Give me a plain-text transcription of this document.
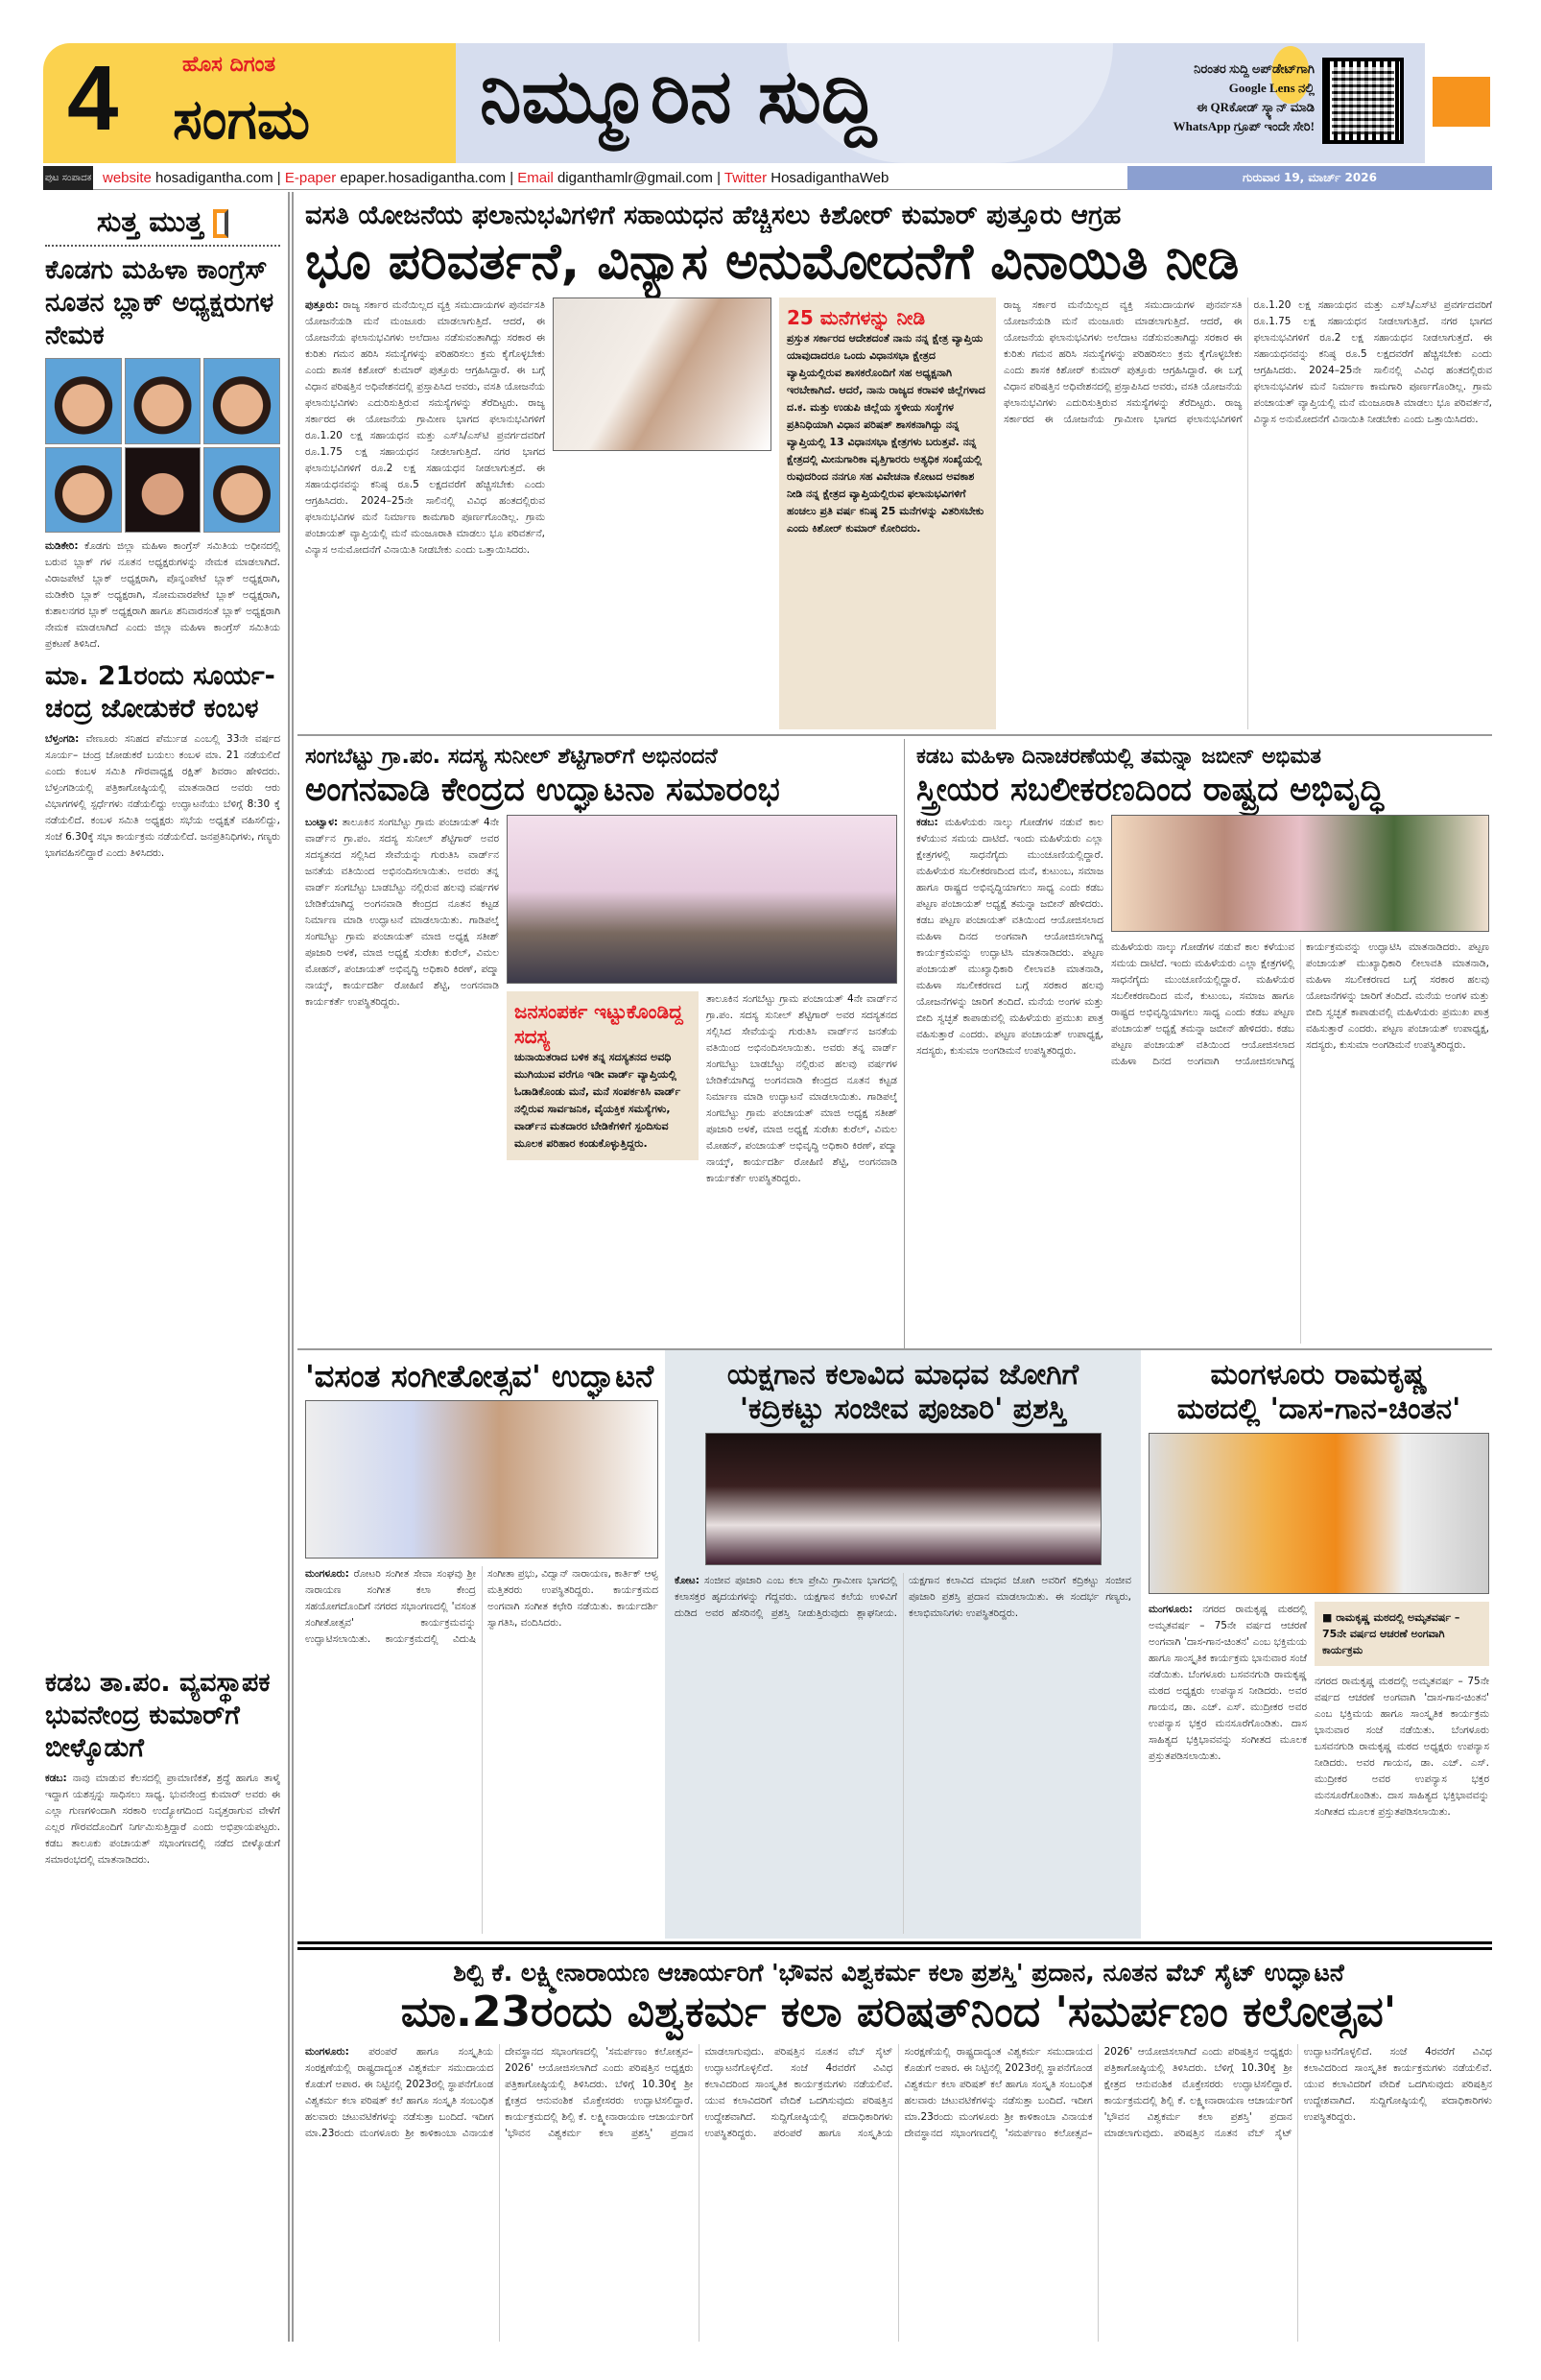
4	ಹೊಸ ದಿಗಂತ
ಸಂಗಮ ನಿಮ್ಮೂರಿನ ಸುದ್ದಿ	ನಿರಂತರ ಸುದ್ದಿ ಅಪ್‌ಡೇಟ್‌ಗಾಗಿ
Google Lens ನಲ್ಲಿ
ಈ QRಕೋಡ್ ಸ್ಕ್ಯಾನ್ ಮಾಡಿ
WhatsApp ಗ್ರೂಪ್ ಇಂದೇ ಸೇರಿ!
ಪುಟ ಸಂಪಾದಕ website hosadigantha.com | E-paper epaper.hosadigantha.com | Email diganthamlr@gmail.com | Twitter HosadiganthaWeb	ಗುರುವಾರ 19, ಮಾರ್ಚ್ 2026
ಸುತ್ತ ಮುತ್ತ
ಕೊಡಗು ಮಹಿಳಾ ಕಾಂಗ್ರೆಸ್ ನೂತನ ಬ್ಲಾಕ್ ಅಧ್ಯಕ್ಷರುಗಳ ನೇಮಕ
ಮಡಿಕೇರಿ: ಕೊಡಗು ಜಿಲ್ಲಾ ಮಹಿಳಾ ಕಾಂಗ್ರೆಸ್ ಸಮಿತಿಯ ಅಧೀನದಲ್ಲಿ ಬರುವ ಬ್ಲಾಕ್ ಗಳ ನೂತನ ಅಧ್ಯಕ್ಷರುಗಳನ್ನು ನೇಮಕ ಮಾಡಲಾಗಿದೆ. ವಿರಾಜಪೇಟೆ ಬ್ಲಾಕ್ ಅಧ್ಯಕ್ಷರಾಗಿ, ಪೊನ್ನಂಪೇಟೆ ಬ್ಲಾಕ್ ಅಧ್ಯಕ್ಷರಾಗಿ, ಮಡಿಕೇರಿ ಬ್ಲಾಕ್ ಅಧ್ಯಕ್ಷರಾಗಿ, ಸೋಮವಾರಪೇಟೆ ಬ್ಲಾಕ್ ಅಧ್ಯಕ್ಷರಾಗಿ, ಕುಶಾಲನಗರ ಬ್ಲಾಕ್ ಅಧ್ಯಕ್ಷರಾಗಿ ಹಾಗೂ ಶನಿವಾರಸಂತೆ ಬ್ಲಾಕ್ ಅಧ್ಯಕ್ಷರಾಗಿ ನೇಮಕ ಮಾಡಲಾಗಿದೆ ಎಂದು ಜಿಲ್ಲಾ ಮಹಿಳಾ ಕಾಂಗ್ರೆಸ್ ಸಮಿತಿಯ ಪ್ರಕಟಣೆ ತಿಳಿಸಿದೆ.
ಮಾ. 21ರಂದು ಸೂರ್ಯ- ಚಂದ್ರ ಜೋಡುಕರೆ ಕಂಬಳ
ಬೆಳ್ತಂಗಡಿ: ವೇಣೂರು ಸನಿಹದ ಪೆರ್ಮುಡ ಎಂಬಲ್ಲಿ 33ನೇ ವರ್ಷದ ಸೂರ್ಯ– ಚಂದ್ರ ಜೋಡುಕರೆ ಬಯಲು ಕಂಬಳ ಮಾ. 21 ನಡೆಯಲಿದೆ ಎಂದು ಕಂಬಳ ಸಮಿತಿ ಗೌರವಾಧ್ಯಕ್ಷ ರಕ್ಷಿತ್ ಶಿವರಾಂ ಹೇಳಿದರು. ಬೆಳ್ತಂಗಡಿಯಲ್ಲಿ ಪತ್ರಿಕಾಗೋಷ್ಠಿಯಲ್ಲಿ ಮಾತನಾಡಿದ ಅವರು ಆರು ವಿಭಾಗಗಳಲ್ಲಿ ಸ್ಪರ್ಧೆಗಳು ನಡೆಯಲಿದ್ದು ಉದ್ಘಾಟನೆಯು ಬೆಳಿಗ್ಗೆ 8:30 ಕ್ಕೆ ನಡೆಯಲಿದೆ. ಕಂಬಳ ಸಮಿತಿ ಅಧ್ಯಕ್ಷರು ಸಭೆಯ ಅಧ್ಯಕ್ಷತೆ ವಹಿಸಲಿದ್ದು, ಸಂಜೆ 6.30ಕ್ಕೆ ಸಭಾ ಕಾರ್ಯಕ್ರಮ ನಡೆಯಲಿದೆ. ಜನಪ್ರತಿನಿಧಿಗಳು, ಗಣ್ಯರು ಭಾಗವಹಿಸಲಿದ್ದಾರೆ ಎಂದು ತಿಳಿಸಿದರು.
ಕಡಬ ತಾ.ಪಂ. ವ್ಯವಸ್ಥಾಪಕ ಭುವನೇಂದ್ರ ಕುಮಾರ್‌ಗೆ ಬೀಳ್ಕೊಡುಗೆ
ಕಡಬ: ನಾವು ಮಾಡುವ ಕೆಲಸದಲ್ಲಿ ಪ್ರಾಮಾಣಿಕತೆ, ಶ್ರದ್ಧೆ ಹಾಗೂ ತಾಳ್ಮೆ ಇದ್ದಾಗ ಯಶಸ್ಸನ್ನು ಸಾಧಿಸಲು ಸಾಧ್ಯ. ಭುವನೇಂದ್ರ ಕುಮಾರ್ ಅವರು ಈ ಎಲ್ಲಾ ಗುಣಗಳಿಂದಾಗಿ ಸರಕಾರಿ ಉದ್ಯೋಗದಿಂದ ನಿವೃತ್ತರಾಗುವ ವೇಳೆಗೆ ಎಲ್ಲರ ಗೌರವದೊಂದಿಗೆ ನಿರ್ಗಮಿಸುತ್ತಿದ್ದಾರೆ ಎಂದು ಅಭಿಪ್ರಾಯಪಟ್ಟರು. ಕಡಬ ತಾಲೂಕು ಪಂಚಾಯತ್ ಸಭಾಂಗಣದಲ್ಲಿ ನಡೆದ ಬೀಳ್ಕೊಡುಗೆ ಸಮಾರಂಭದಲ್ಲಿ ಮಾತನಾಡಿದರು.
ವಸತಿ ಯೋಜನೆಯ ಫಲಾನುಭವಿಗಳಿಗೆ ಸಹಾಯಧನ ಹೆಚ್ಚಿಸಲು ಕಿಶೋರ್ ಕುಮಾರ್ ಪುತ್ತೂರು ಆಗ್ರಹ
ಭೂ ಪರಿವರ್ತನೆ, ವಿನ್ಯಾಸ ಅನುಮೋದನೆಗೆ ವಿನಾಯಿತಿ ನೀಡಿ
ಪುತ್ತೂರು: ರಾಜ್ಯ ಸರ್ಕಾರ ಮನೆಯಿಲ್ಲದ ವ್ಯಕ್ತಿ ಸಮುದಾಯಗಳ ಪುನರ್ವಸತಿ ಯೋಜನೆಯಡಿ ಮನೆ ಮಂಜೂರು ಮಾಡಲಾಗುತ್ತಿದೆ. ಆದರೆ, ಈ ಯೋಜನೆಯ ಫಲಾನುಭವಿಗಳು ಅಲೆದಾಟ ನಡೆಸುವಂತಾಗಿದ್ದು ಸರಕಾರ ಈ ಕುರಿತು ಗಮನ ಹರಿಸಿ ಸಮಸ್ಯೆಗಳನ್ನು ಪರಿಹರಿಸಲು ಕ್ರಮ ಕೈಗೊಳ್ಳಬೇಕು ಎಂದು ಶಾಸಕ ಕಿಶೋರ್ ಕುಮಾರ್ ಪುತ್ತೂರು ಆಗ್ರಹಿಸಿದ್ದಾರೆ. ಈ ಬಗ್ಗೆ ವಿಧಾನ ಪರಿಷತ್ತಿನ ಅಧಿವೇಶನದಲ್ಲಿ ಪ್ರಸ್ತಾಪಿಸಿದ ಅವರು, ವಸತಿ ಯೋಜನೆಯ ಫಲಾನುಭವಿಗಳು ಎದುರಿಸುತ್ತಿರುವ ಸಮಸ್ಯೆಗಳನ್ನು ತೆರೆದಿಟ್ಟರು. ರಾಜ್ಯ ಸರ್ಕಾರದ ಈ ಯೋಜನೆಯ ಗ್ರಾಮೀಣ ಭಾಗದ ಫಲಾನುಭವಿಗಳಿಗೆ ರೂ.1.20 ಲಕ್ಷ ಸಹಾಯಧನ ಮತ್ತು ಎಸ್‌ಸಿ/ಎಸ್‌ಟಿ ಪ್ರವರ್ಗದವರಿಗೆ ರೂ.1.75 ಲಕ್ಷ ಸಹಾಯಧನ ನೀಡಲಾಗುತ್ತಿದೆ. ನಗರ ಭಾಗದ ಫಲಾನುಭವಿಗಳಿಗೆ ರೂ.2 ಲಕ್ಷ ಸಹಾಯಧನ ನೀಡಲಾಗುತ್ತದೆ. ಈ ಸಹಾಯಧನವನ್ನು ಕನಿಷ್ಠ ರೂ.5 ಲಕ್ಷದವರೆಗೆ ಹೆಚ್ಚಿಸಬೇಕು ಎಂದು ಆಗ್ರಹಿಸಿದರು. 2024–25ನೇ ಸಾಲಿನಲ್ಲಿ ವಿವಿಧ ಹಂತದಲ್ಲಿರುವ ಫಲಾನುಭವಿಗಳ ಮನೆ ನಿರ್ಮಾಣ ಕಾಮಗಾರಿ ಪೂರ್ಣಗೊಂಡಿಲ್ಲ. ಗ್ರಾಮ ಪಂಚಾಯತ್ ವ್ಯಾಪ್ತಿಯಲ್ಲಿ ಮನೆ ಮಂಜೂರಾತಿ ಮಾಡಲು ಭೂ ಪರಿವರ್ತನೆ, ವಿನ್ಯಾಸ ಅನುಮೋದನೆಗೆ ವಿನಾಯಿತಿ ನೀಡಬೇಕು ಎಂದು ಒತ್ತಾಯಿಸಿದರು.
25 ಮನೆಗಳನ್ನು ನೀಡಿ
ಪ್ರಸ್ತುತ ಸರ್ಕಾರದ ಆದೇಶದಂತೆ ನಾನು ನನ್ನ ಕ್ಷೇತ್ರ ವ್ಯಾಪ್ತಿಯ ಯಾವುದಾದರೂ ಒಂದು ವಿಧಾನಸಭಾ ಕ್ಷೇತ್ರದ ವ್ಯಾಪ್ತಿಯಲ್ಲಿರುವ ಶಾಸಕರೊಂದಿಗೆ ಸಹ ಅಧ್ಯಕ್ಷನಾಗಿ ಇರಬೇಕಾಗಿದೆ. ಆದರೆ, ನಾನು ರಾಜ್ಯದ ಕರಾವಳಿ ಜಿಲ್ಲೆಗಳಾದ ದ.ಕ. ಮತ್ತು ಉಡುಪಿ ಜಿಲ್ಲೆಯ ಸ್ಥಳೀಯ ಸಂಸ್ಥೆಗಳ ಪ್ರತಿನಿಧಿಯಾಗಿ ವಿಧಾನ ಪರಿಷತ್ ಶಾಸಕನಾಗಿದ್ದು ನನ್ನ ವ್ಯಾಪ್ತಿಯಲ್ಲಿ 13 ವಿಧಾನಸಭಾ ಕ್ಷೇತ್ರಗಳು ಬರುತ್ತವೆ. ನನ್ನ ಕ್ಷೇತ್ರದಲ್ಲಿ ಮೀನುಗಾರಿಕಾ ವೃತ್ತಿಗಾರರು ಅತ್ಯಧಿಕ ಸಂಖ್ಯೆಯಲ್ಲಿ ರುವುದರಿಂದ ನನಗೂ ಸಹ ವಿವೇಚನಾ ಕೋಟದ ಅವಕಾಶ ನೀಡಿ ನನ್ನ ಕ್ಷೇತ್ರದ ವ್ಯಾಪ್ತಿಯಲ್ಲಿರುವ ಫಲಾನುಭವಿಗಳಿಗೆ ಹಂಚಲು ಪ್ರತಿ ವರ್ಷ ಕನಿಷ್ಠ 25 ಮನೆಗಳನ್ನು ವಿತರಿಸಬೇಕು ಎಂದು ಕಿಶೋರ್ ಕುಮಾರ್ ಕೋರಿದರು.
ರಾಜ್ಯ ಸರ್ಕಾರ ಮನೆಯಿಲ್ಲದ ವ್ಯಕ್ತಿ ಸಮುದಾಯಗಳ ಪುನರ್ವಸತಿ ಯೋಜನೆಯಡಿ ಮನೆ ಮಂಜೂರು ಮಾಡಲಾಗುತ್ತಿದೆ. ಆದರೆ, ಈ ಯೋಜನೆಯ ಫಲಾನುಭವಿಗಳು ಅಲೆದಾಟ ನಡೆಸುವಂತಾಗಿದ್ದು ಸರಕಾರ ಈ ಕುರಿತು ಗಮನ ಹರಿಸಿ ಸಮಸ್ಯೆಗಳನ್ನು ಪರಿಹರಿಸಲು ಕ್ರಮ ಕೈಗೊಳ್ಳಬೇಕು ಎಂದು ಶಾಸಕ ಕಿಶೋರ್ ಕುಮಾರ್ ಪುತ್ತೂರು ಆಗ್ರಹಿಸಿದ್ದಾರೆ. ಈ ಬಗ್ಗೆ ವಿಧಾನ ಪರಿಷತ್ತಿನ ಅಧಿವೇಶನದಲ್ಲಿ ಪ್ರಸ್ತಾಪಿಸಿದ ಅವರು, ವಸತಿ ಯೋಜನೆಯ ಫಲಾನುಭವಿಗಳು ಎದುರಿಸುತ್ತಿರುವ ಸಮಸ್ಯೆಗಳನ್ನು ತೆರೆದಿಟ್ಟರು. ರಾಜ್ಯ ಸರ್ಕಾರದ ಈ ಯೋಜನೆಯ ಗ್ರಾಮೀಣ ಭಾಗದ ಫಲಾನುಭವಿಗಳಿಗೆ ರೂ.1.20 ಲಕ್ಷ ಸಹಾಯಧನ ಮತ್ತು ಎಸ್‌ಸಿ/ಎಸ್‌ಟಿ ಪ್ರವರ್ಗದವರಿಗೆ ರೂ.1.75 ಲಕ್ಷ ಸಹಾಯಧನ ನೀಡಲಾಗುತ್ತಿದೆ. ನಗರ ಭಾಗದ ಫಲಾನುಭವಿಗಳಿಗೆ ರೂ.2 ಲಕ್ಷ ಸಹಾಯಧನ ನೀಡಲಾಗುತ್ತದೆ. ಈ ಸಹಾಯಧನವನ್ನು ಕನಿಷ್ಠ ರೂ.5 ಲಕ್ಷದವರೆಗೆ ಹೆಚ್ಚಿಸಬೇಕು ಎಂದು ಆಗ್ರಹಿಸಿದರು. 2024–25ನೇ ಸಾಲಿನಲ್ಲಿ ವಿವಿಧ ಹಂತದಲ್ಲಿರುವ ಫಲಾನುಭವಿಗಳ ಮನೆ ನಿರ್ಮಾಣ ಕಾಮಗಾರಿ ಪೂರ್ಣಗೊಂಡಿಲ್ಲ. ಗ್ರಾಮ ಪಂಚಾಯತ್ ವ್ಯಾಪ್ತಿಯಲ್ಲಿ ಮನೆ ಮಂಜೂರಾತಿ ಮಾಡಲು ಭೂ ಪರಿವರ್ತನೆ, ವಿನ್ಯಾಸ ಅನುಮೋದನೆಗೆ ವಿನಾಯಿತಿ ನೀಡಬೇಕು ಎಂದು ಒತ್ತಾಯಿಸಿದರು.
ಸಂಗಬೆಟ್ಟು ಗ್ರಾ.ಪಂ. ಸದಸ್ಯ ಸುನೀಲ್ ಶೆಟ್ಟಿಗಾರ್‌ಗೆ ಅಭಿನಂದನೆ
ಅಂಗನವಾಡಿ ಕೇಂದ್ರದ ಉದ್ಘಾಟನಾ ಸಮಾರಂಭ
ಬಂಟ್ವಾಳ: ತಾಲೂಕಿನ ಸಂಗಬೆಟ್ಟು ಗ್ರಾಮ ಪಂಚಾಯತ್ 4ನೇ ವಾರ್ಡ್‌ನ ಗ್ರಾ.ಪಂ. ಸದಸ್ಯ ಸುನೀಲ್ ಶೆಟ್ಟಿಗಾರ್ ಅವರ ಸದಸ್ಯತನದ ಸಲ್ಲಿಸಿದ ಸೇವೆಯನ್ನು ಗುರುತಿಸಿ ವಾರ್ಡ್‌ನ ಜನತೆಯ ವತಿಯಿಂದ ಅಭಿನಂದಿಸಲಾಯಿತು. ಅವರು ತನ್ನ ವಾರ್ಡ್ ಸಂಗಬೆಟ್ಟು ಬಾಡಬೆಟ್ಟು ನಲ್ಲಿರುವ ಹಲವು ವರ್ಷಗಳ ಬೇಡಿಕೆಯಾಗಿದ್ದ ಅಂಗನವಾಡಿ ಕೇಂದ್ರದ ನೂತನ ಕಟ್ಟಡ ನಿರ್ಮಾಣ ಮಾಡಿ ಉದ್ಘಾಟನೆ ಮಾಡಲಾಯಿತು. ಗಾಡಿಪಲ್ಕೆ ಸಂಗಬೆಟ್ಟು ಗ್ರಾಮ ಪಂಚಾಯತ್ ಮಾಜಿ ಅಧ್ಯಕ್ಷ ಸತೀಶ್ ಪೂಜಾರಿ ಅಳಕೆ, ಮಾಜಿ ಅಧ್ಯಕ್ಷೆ ಸುರೇಖ ಕುರೆಲ್, ವಿಮಲ ಮೋಹನ್, ಪಂಚಾಯತ್ ಅಭಿವೃದ್ಧಿ ಅಧಿಕಾರಿ ಕಿರಣ್, ಪದ್ಮಾ ನಾಯ್ಕ್, ಕಾರ್ಯದರ್ಶಿ ರೋಹಿಣಿ ಶೆಟ್ಟಿ, ಅಂಗನವಾಡಿ ಕಾರ್ಯಕರ್ತೆ ಉಪಸ್ಥಿತರಿದ್ದರು.	ಜನಸಂಪರ್ಕ ಇಟ್ಟುಕೊಂಡಿದ್ದ ಸದಸ್ಯ
ಚುನಾಯಿತರಾದ ಬಳಿಕ ತನ್ನ ಸದಸ್ಯತನದ ಅವಧಿ ಮುಗಿಯುವ ವರೆಗೂ ಇಡೀ ವಾರ್ಡ್ ವ್ಯಾಪ್ತಿಯಲ್ಲಿ ಓಡಾಡಿಕೊಂಡು ಮನೆ, ಮನೆ ಸಂಪರ್ಕಕಿಸಿ ವಾರ್ಡ್ ನಲ್ಲಿರುವ ಸಾರ್ವಜನಿಕ, ವೈಯಕ್ತಿಕ ಸಮಸ್ಯೆಗಳು, ವಾರ್ಡ್‌ನ ಮತದಾರರ ಬೇಡಿಕೆಗಳಿಗೆ ಸ್ಪಂದಿಸುವ ಮೂಲಕ ಪರಿಹಾರ ಕಂಡುಕೊಳ್ಳುತ್ತಿದ್ದರು.
ತಾಲೂಕಿನ ಸಂಗಬೆಟ್ಟು ಗ್ರಾಮ ಪಂಚಾಯತ್ 4ನೇ ವಾರ್ಡ್‌ನ ಗ್ರಾ.ಪಂ. ಸದಸ್ಯ ಸುನೀಲ್ ಶೆಟ್ಟಿಗಾರ್ ಅವರ ಸದಸ್ಯತನದ ಸಲ್ಲಿಸಿದ ಸೇವೆಯನ್ನು ಗುರುತಿಸಿ ವಾರ್ಡ್‌ನ ಜನತೆಯ ವತಿಯಿಂದ ಅಭಿನಂದಿಸಲಾಯಿತು. ಅವರು ತನ್ನ ವಾರ್ಡ್ ಸಂಗಬೆಟ್ಟು ಬಾಡಬೆಟ್ಟು ನಲ್ಲಿರುವ ಹಲವು ವರ್ಷಗಳ ಬೇಡಿಕೆಯಾಗಿದ್ದ ಅಂಗನವಾಡಿ ಕೇಂದ್ರದ ನೂತನ ಕಟ್ಟಡ ನಿರ್ಮಾಣ ಮಾಡಿ ಉದ್ಘಾಟನೆ ಮಾಡಲಾಯಿತು. ಗಾಡಿಪಲ್ಕೆ ಸಂಗಬೆಟ್ಟು ಗ್ರಾಮ ಪಂಚಾಯತ್ ಮಾಜಿ ಅಧ್ಯಕ್ಷ ಸತೀಶ್ ಪೂಜಾರಿ ಅಳಕೆ, ಮಾಜಿ ಅಧ್ಯಕ್ಷೆ ಸುರೇಖ ಕುರೆಲ್, ವಿಮಲ ಮೋಹನ್, ಪಂಚಾಯತ್ ಅಭಿವೃದ್ಧಿ ಅಧಿಕಾರಿ ಕಿರಣ್, ಪದ್ಮಾ ನಾಯ್ಕ್, ಕಾರ್ಯದರ್ಶಿ ರೋಹಿಣಿ ಶೆಟ್ಟಿ, ಅಂಗನವಾಡಿ ಕಾರ್ಯಕರ್ತೆ ಉಪಸ್ಥಿತರಿದ್ದರು.
ಕಡಬ ಮಹಿಳಾ ದಿನಾಚರಣೆಯಲ್ಲಿ ತಮನ್ನಾ ಜಬೀನ್ ಅಭಿಮತ
ಸ್ತ್ರೀಯರ ಸಬಲೀಕರಣದಿಂದ ರಾಷ್ಟ್ರದ ಅಭಿವೃದ್ಧಿ
ಕಡಬ: ಮಹಿಳೆಯರು ನಾಲ್ಕು ಗೋಡೆಗಳ ನಡುವೆ ಕಾಲ ಕಳೆಯುವ ಸಮಯ ದಾಟಿದೆ. ಇಂದು ಮಹಿಳೆಯರು ಎಲ್ಲಾ ಕ್ಷೇತ್ರಗಳಲ್ಲಿ ಸಾಧನೆಗೈದು ಮುಂಚೂಣಿಯಲ್ಲಿದ್ದಾರೆ. ಮಹಿಳೆಯರ ಸಬಲೀಕರಣದಿಂದ ಮನೆ, ಕುಟುಂಬ, ಸಮಾಜ ಹಾಗೂ ರಾಷ್ಟ್ರದ ಅಭಿವೃದ್ಧಿಯಾಗಲು ಸಾಧ್ಯ ಎಂದು ಕಡಬ ಪಟ್ಟಣ ಪಂಚಾಯತ್ ಅಧ್ಯಕ್ಷೆ ತಮನ್ನಾ ಜಬೀನ್ ಹೇಳಿದರು. ಕಡಬ ಪಟ್ಟಣ ಪಂಚಾಯತ್ ವತಿಯಿಂದ ಆಯೋಜಿಸಲಾದ ಮಹಿಳಾ ದಿನದ ಅಂಗವಾಗಿ ಆಯೋಜಿಸಲಾಗಿದ್ದ ಕಾರ್ಯಕ್ರಮವನ್ನು ಉದ್ಘಾಟಿಸಿ ಮಾತನಾಡಿದರು. ಪಟ್ಟಣ ಪಂಚಾಯತ್ ಮುಖ್ಯಾಧಿಕಾರಿ ಲೀಲಾವತಿ ಮಾತನಾಡಿ, ಮಹಿಳಾ ಸಬಲೀಕರಣದ ಬಗ್ಗೆ ಸರಕಾರ ಹಲವು ಯೋಜನೆಗಳನ್ನು ಜಾರಿಗೆ ತಂದಿದೆ. ಮನೆಯ ಅಂಗಳ ಮತ್ತು ಬೀದಿ ಸ್ವಚ್ಛತೆ ಕಾಪಾಡುವಲ್ಲಿ ಮಹಿಳೆಯರು ಪ್ರಮುಖ ಪಾತ್ರ ವಹಿಸುತ್ತಾರೆ ಎಂದರು. ಪಟ್ಟಣ ಪಂಚಾಯತ್ ಉಪಾಧ್ಯಕ್ಷ, ಸದಸ್ಯರು, ಕುಸುಮಾ ಅಂಗಡಿಮನೆ ಉಪಸ್ಥಿತರಿದ್ದರು.
ಮಹಿಳೆಯರು ನಾಲ್ಕು ಗೋಡೆಗಳ ನಡುವೆ ಕಾಲ ಕಳೆಯುವ ಸಮಯ ದಾಟಿದೆ. ಇಂದು ಮಹಿಳೆಯರು ಎಲ್ಲಾ ಕ್ಷೇತ್ರಗಳಲ್ಲಿ ಸಾಧನೆಗೈದು ಮುಂಚೂಣಿಯಲ್ಲಿದ್ದಾರೆ. ಮಹಿಳೆಯರ ಸಬಲೀಕರಣದಿಂದ ಮನೆ, ಕುಟುಂಬ, ಸಮಾಜ ಹಾಗೂ ರಾಷ್ಟ್ರದ ಅಭಿವೃದ್ಧಿಯಾಗಲು ಸಾಧ್ಯ ಎಂದು ಕಡಬ ಪಟ್ಟಣ ಪಂಚಾಯತ್ ಅಧ್ಯಕ್ಷೆ ತಮನ್ನಾ ಜಬೀನ್ ಹೇಳಿದರು. ಕಡಬ ಪಟ್ಟಣ ಪಂಚಾಯತ್ ವತಿಯಿಂದ ಆಯೋಜಿಸಲಾದ ಮಹಿಳಾ ದಿನದ ಅಂಗವಾಗಿ ಆಯೋಜಿಸಲಾಗಿದ್ದ ಕಾರ್ಯಕ್ರಮವನ್ನು ಉದ್ಘಾಟಿಸಿ ಮಾತನಾಡಿದರು. ಪಟ್ಟಣ ಪಂಚಾಯತ್ ಮುಖ್ಯಾಧಿಕಾರಿ ಲೀಲಾವತಿ ಮಾತನಾಡಿ, ಮಹಿಳಾ ಸಬಲೀಕರಣದ ಬಗ್ಗೆ ಸರಕಾರ ಹಲವು ಯೋಜನೆಗಳನ್ನು ಜಾರಿಗೆ ತಂದಿದೆ. ಮನೆಯ ಅಂಗಳ ಮತ್ತು ಬೀದಿ ಸ್ವಚ್ಛತೆ ಕಾಪಾಡುವಲ್ಲಿ ಮಹಿಳೆಯರು ಪ್ರಮುಖ ಪಾತ್ರ ವಹಿಸುತ್ತಾರೆ ಎಂದರು. ಪಟ್ಟಣ ಪಂಚಾಯತ್ ಉಪಾಧ್ಯಕ್ಷ, ಸದಸ್ಯರು, ಕುಸುಮಾ ಅಂಗಡಿಮನೆ ಉಪಸ್ಥಿತರಿದ್ದರು.
'ವಸಂತ ಸಂಗೀತೋತ್ಸವ' ಉದ್ಘಾಟನೆ
ಮಂಗಳೂರು: ರೋಟರಿ ಸಂಗೀತ ಸೇವಾ ಸಂಘವು ಶ್ರೀ ನಾರಾಯಣ ಸಂಗೀತ ಕಲಾ ಕೇಂದ್ರ ಸಹಯೋಗದೊಂದಿಗೆ ನಗರದ ಸಭಾಂಗಣದಲ್ಲಿ 'ವಸಂತ ಸಂಗೀತೋತ್ಸವ' ಕಾರ್ಯಕ್ರಮವನ್ನು ಉದ್ಘಾಟಿಸಲಾಯಿತು. ಕಾರ್ಯಕ್ರಮದಲ್ಲಿ ವಿದುಷಿ ಸಂಗೀತಾ ಪ್ರಭು, ವಿದ್ವಾನ್ ನಾರಾಯಣ, ಕಾರ್ತಿಕ್ ಆಳ್ವ ಮತ್ತಿತರರು ಉಪಸ್ಥಿತರಿದ್ದರು. ಕಾರ್ಯಕ್ರಮದ ಅಂಗವಾಗಿ ಸಂಗೀತ ಕಛೇರಿ ನಡೆಯಿತು. ಕಾರ್ಯದರ್ಶಿ ಸ್ವಾಗತಿಸಿ, ವಂದಿಸಿದರು.
ಯಕ್ಷಗಾನ ಕಲಾವಿದ ಮಾಧವ ಜೋಗಿಗೆ
'ಕದ್ರಿಕಟ್ಟು ಸಂಜೀವ ಪೂಜಾರಿ' ಪ್ರಶಸ್ತಿ
ಕೋಟ: ಸಂಜೀವ ಪೂಜಾರಿ ಎಂಬ ಕಲಾ ಪ್ರೇಮಿ ಗ್ರಾಮೀಣ ಭಾಗದಲ್ಲಿ ಕಲಾಸಕ್ತರ ಹೃದಯಗಳನ್ನು ಗೆದ್ದವರು. ಯಕ್ಷಗಾನ ಕಲೆಯ ಉಳಿವಿಗೆ ದುಡಿದ ಅವರ ಹೆಸರಿನಲ್ಲಿ ಪ್ರಶಸ್ತಿ ನೀಡುತ್ತಿರುವುದು ಶ್ಲಾಘನೀಯ. ಯಕ್ಷಗಾನ ಕಲಾವಿದ ಮಾಧವ ಜೋಗಿ ಅವರಿಗೆ ಕದ್ರಿಕಟ್ಟು ಸಂಜೀವ ಪೂಜಾರಿ ಪ್ರಶಸ್ತಿ ಪ್ರದಾನ ಮಾಡಲಾಯಿತು. ಈ ಸಂದರ್ಭ ಗಣ್ಯರು, ಕಲಾಭಿಮಾನಿಗಳು ಉಪಸ್ಥಿತರಿದ್ದರು.
ಮಂಗಳೂರು ರಾಮಕೃಷ್ಣ
ಮಠದಲ್ಲಿ 'ದಾಸ-ಗಾನ-ಚಿಂತನ'
ಮಂಗಳೂರು: ನಗರದ ರಾಮಕೃಷ್ಣ ಮಠದಲ್ಲಿ ಅಮೃತವರ್ಷ – 75ನೇ ವರ್ಷದ ಆಚರಣೆ ಅಂಗವಾಗಿ 'ದಾಸ-ಗಾನ-ಚಿಂತನ' ಎಂಬ ಭಕ್ತಿಮಯ ಹಾಗೂ ಸಾಂಸ್ಕೃತಿಕ ಕಾರ್ಯಕ್ರಮ ಭಾನುವಾರ ಸಂಜೆ ನಡೆಯಿತು. ಬೆಂಗಳೂರು ಬಸವನಗುಡಿ ರಾಮಕೃಷ್ಣ ಮಠದ ಅಧ್ಯಕ್ಷರು ಉಪನ್ಯಾಸ ನೀಡಿದರು. ಅವರ ಗಾಯನ, ಡಾ. ಎಚ್. ಎಸ್. ಮುದ್ರೀಕರ ಅವರ ಉಪನ್ಯಾಸ ಭಕ್ತರ ಮನಸೂರೆಗೊಂಡಿತು. ದಾಸ ಸಾಹಿತ್ಯದ ಭಕ್ತಿಭಾವವನ್ನು ಸಂಗೀತದ ಮೂಲಕ ಪ್ರಸ್ತುತಪಡಿಸಲಾಯಿತು.
■ ರಾಮಕೃಷ್ಣ ಮಠದಲ್ಲಿ ಅಮೃತವರ್ಷ – 75ನೇ ವರ್ಷದ ಆಚರಣೆ ಅಂಗವಾಗಿ ಕಾರ್ಯಕ್ರಮ
ನಗರದ ರಾಮಕೃಷ್ಣ ಮಠದಲ್ಲಿ ಅಮೃತವರ್ಷ – 75ನೇ ವರ್ಷದ ಆಚರಣೆ ಅಂಗವಾಗಿ 'ದಾಸ-ಗಾನ-ಚಿಂತನ' ಎಂಬ ಭಕ್ತಿಮಯ ಹಾಗೂ ಸಾಂಸ್ಕೃತಿಕ ಕಾರ್ಯಕ್ರಮ ಭಾನುವಾರ ಸಂಜೆ ನಡೆಯಿತು. ಬೆಂಗಳೂರು ಬಸವನಗುಡಿ ರಾಮಕೃಷ್ಣ ಮಠದ ಅಧ್ಯಕ್ಷರು ಉಪನ್ಯಾಸ ನೀಡಿದರು. ಅವರ ಗಾಯನ, ಡಾ. ಎಚ್. ಎಸ್. ಮುದ್ರೀಕರ ಅವರ ಉಪನ್ಯಾಸ ಭಕ್ತರ ಮನಸೂರೆಗೊಂಡಿತು. ದಾಸ ಸಾಹಿತ್ಯದ ಭಕ್ತಿಭಾವವನ್ನು ಸಂಗೀತದ ಮೂಲಕ ಪ್ರಸ್ತುತಪಡಿಸಲಾಯಿತು.
ಶಿಲ್ಪಿ ಕೆ. ಲಕ್ಷ್ಮೀನಾರಾಯಣ ಆಚಾರ್ಯರಿಗೆ 'ಭೌವನ ವಿಶ್ವಕರ್ಮ ಕಲಾ ಪ್ರಶಸ್ತಿ' ಪ್ರದಾನ, ನೂತನ ವೆಬ್ ಸೈಟ್ ಉದ್ಘಾಟನೆ
ಮಾ.23ರಂದು ವಿಶ್ವಕರ್ಮ ಕಲಾ ಪರಿಷತ್‌ನಿಂದ 'ಸಮರ್ಪಣಂ ಕಲೋತ್ಸವ'
ಮಂಗಳೂರು: ಪರಂಪರೆ ಹಾಗೂ ಸಂಸ್ಕೃತಿಯ ಸಂರಕ್ಷಣೆಯಲ್ಲಿ ರಾಷ್ಟ್ರದಾದ್ಯಂತ ವಿಶ್ವಕರ್ಮ ಸಮುದಾಯದ ಕೊಡುಗೆ ಅಪಾರ. ಈ ನಿಟ್ಟಿನಲ್ಲಿ 2023ರಲ್ಲಿ ಸ್ಥಾಪನೆಗೊಂಡ ವಿಶ್ವಕರ್ಮ ಕಲಾ ಪರಿಷತ್ ಕಲೆ ಹಾಗೂ ಸಂಸ್ಕೃತಿ ಸಂಬಂಧಿತ ಹಲವಾರು ಚಟುವಟಿಕೆಗಳನ್ನು ನಡೆಸುತ್ತಾ ಬಂದಿದೆ. ಇದೀಗ ಮಾ.23ರಂದು ಮಂಗಳೂರು ಶ್ರೀ ಕಾಳಿಕಾಂಬಾ ವಿನಾಯಕ ದೇವಸ್ಥಾನದ ಸಭಾಂಗಣದಲ್ಲಿ 'ಸಮರ್ಪಣಂ ಕಲೋತ್ಸವ–2026' ಆಯೋಜಿಸಲಾಗಿದೆ ಎಂದು ಪರಿಷತ್ತಿನ ಅಧ್ಯಕ್ಷರು ಪತ್ರಿಕಾಗೋಷ್ಠಿಯಲ್ಲಿ ತಿಳಿಸಿದರು. ಬೆಳಿಗ್ಗೆ 10.30ಕ್ಕೆ ಶ್ರೀ ಕ್ಷೇತ್ರದ ಆನುವಂಶಿಕ ಮೊಕ್ತೇಸರರು ಉದ್ಘಾಟಿಸಲಿದ್ದಾರೆ. ಕಾರ್ಯಕ್ರಮದಲ್ಲಿ ಶಿಲ್ಪಿ ಕೆ. ಲಕ್ಷ್ಮೀನಾರಾಯಣ ಆಚಾರ್ಯರಿಗೆ 'ಭೌವನ ವಿಶ್ವಕರ್ಮ ಕಲಾ ಪ್ರಶಸ್ತಿ' ಪ್ರದಾನ ಮಾಡಲಾಗುವುದು. ಪರಿಷತ್ತಿನ ನೂತನ ವೆಬ್ ಸೈಟ್ ಉದ್ಘಾಟನೆಗೊಳ್ಳಲಿದೆ. ಸಂಜೆ 4ರವರೆಗೆ ವಿವಿಧ ಕಲಾವಿದರಿಂದ ಸಾಂಸ್ಕೃತಿಕ ಕಾರ್ಯಕ್ರಮಗಳು ನಡೆಯಲಿವೆ. ಯುವ ಕಲಾವಿದರಿಗೆ ವೇದಿಕೆ ಒದಗಿಸುವುದು ಪರಿಷತ್ತಿನ ಉದ್ದೇಶವಾಗಿದೆ. ಸುದ್ದಿಗೋಷ್ಠಿಯಲ್ಲಿ ಪದಾಧಿಕಾರಿಗಳು ಉಪಸ್ಥಿತರಿದ್ದರು. ಪರಂಪರೆ ಹಾಗೂ ಸಂಸ್ಕೃತಿಯ ಸಂರಕ್ಷಣೆಯಲ್ಲಿ ರಾಷ್ಟ್ರದಾದ್ಯಂತ ವಿಶ್ವಕರ್ಮ ಸಮುದಾಯದ ಕೊಡುಗೆ ಅಪಾರ. ಈ ನಿಟ್ಟಿನಲ್ಲಿ 2023ರಲ್ಲಿ ಸ್ಥಾಪನೆಗೊಂಡ ವಿಶ್ವಕರ್ಮ ಕಲಾ ಪರಿಷತ್ ಕಲೆ ಹಾಗೂ ಸಂಸ್ಕೃತಿ ಸಂಬಂಧಿತ ಹಲವಾರು ಚಟುವಟಿಕೆಗಳನ್ನು ನಡೆಸುತ್ತಾ ಬಂದಿದೆ. ಇದೀಗ ಮಾ.23ರಂದು ಮಂಗಳೂರು ಶ್ರೀ ಕಾಳಿಕಾಂಬಾ ವಿನಾಯಕ ದೇವಸ್ಥಾನದ ಸಭಾಂಗಣದಲ್ಲಿ 'ಸಮರ್ಪಣಂ ಕಲೋತ್ಸವ–2026' ಆಯೋಜಿಸಲಾಗಿದೆ ಎಂದು ಪರಿಷತ್ತಿನ ಅಧ್ಯಕ್ಷರು ಪತ್ರಿಕಾಗೋಷ್ಠಿಯಲ್ಲಿ ತಿಳಿಸಿದರು. ಬೆಳಿಗ್ಗೆ 10.30ಕ್ಕೆ ಶ್ರೀ ಕ್ಷೇತ್ರದ ಆನುವಂಶಿಕ ಮೊಕ್ತೇಸರರು ಉದ್ಘಾಟಿಸಲಿದ್ದಾರೆ. ಕಾರ್ಯಕ್ರಮದಲ್ಲಿ ಶಿಲ್ಪಿ ಕೆ. ಲಕ್ಷ್ಮೀನಾರಾಯಣ ಆಚಾರ್ಯರಿಗೆ 'ಭೌವನ ವಿಶ್ವಕರ್ಮ ಕಲಾ ಪ್ರಶಸ್ತಿ' ಪ್ರದಾನ ಮಾಡಲಾಗುವುದು. ಪರಿಷತ್ತಿನ ನೂತನ ವೆಬ್ ಸೈಟ್ ಉದ್ಘಾಟನೆಗೊಳ್ಳಲಿದೆ. ಸಂಜೆ 4ರವರೆಗೆ ವಿವಿಧ ಕಲಾವಿದರಿಂದ ಸಾಂಸ್ಕೃತಿಕ ಕಾರ್ಯಕ್ರಮಗಳು ನಡೆಯಲಿವೆ. ಯುವ ಕಲಾವಿದರಿಗೆ ವೇದಿಕೆ ಒದಗಿಸುವುದು ಪರಿಷತ್ತಿನ ಉದ್ದೇಶವಾಗಿದೆ. ಸುದ್ದಿಗೋಷ್ಠಿಯಲ್ಲಿ ಪದಾಧಿಕಾರಿಗಳು ಉಪಸ್ಥಿತರಿದ್ದರು.
